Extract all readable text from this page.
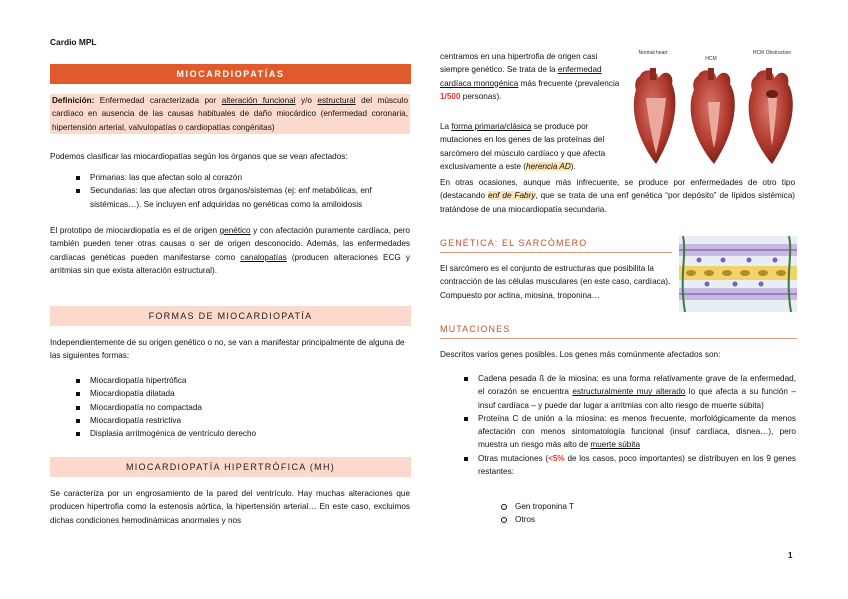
Cardio MPL
MIOCARDIOPATÍAS
Definición: Enfermedad caracterizada por alteración funcional y/o estructural del músculo cardíaco en ausencia de las causas habituales de daño miocárdico (enfermedad coronaria, hipertensión arterial, valvulopatías o cardiopatías congénitas)
Podemos clasificar las miocardiopatías según los órganos que se vean afectados:
Primarias: las que afectan solo al corazón
Secundarias: las que afectan otros órganos/sistemas (ej: enf metabólicas, enf sistémicas…). Se incluyen enf adquiridas no genéticas como la amiloidosis
El prototipo de miocardiopatía es el de origen genético y con afectación puramente cardíaca, pero también pueden tener otras causas o ser de origen desconocido. Además, las enfermedades cardíacas genéticas pueden manifestarse como canalopatías (producen alteraciones ECG y arritmias sin que exista alteración estructural).
FORMAS DE MIOCARDIOPATÍA
Independientemente de su origen genético o no, se van a manifestar principalmente de alguna de las siguientes formas:
Miocardiopatía hipertrófica
Miocardiopatía dilatada
Miocardiopatía no compactada
Miocardiopatía restrictiva
Displasia arritmogénica de ventrículo derecho
MIOCARDIOPATÍA HIPERTRÓFICA (MH)
Se caracteriza por un engrosamiento de la pared del ventrículo. Hay muchas alteraciones que producen hipertrofia como la estenosis aórtica, la hipertensión arterial… En este caso, excluimos dichas condiciones hemodinámicas anormales y nos
centramos en una hipertrofia de origen casi siempre genético. Se trata de la enfermedad cardíaca monogénica más frecuente (prevalencia 1/500 personas).
La forma primaria/clásica se produce por mutaciones en los genes de las proteínas del sarcómero del músculo cardíaco y que afecta exclusivamente a este (herencia AD).
Normal heart
HCM
HCM Obstruction
En otras ocasiones, aunque más infrecuente, se produce por enfermedades de otro tipo (destacando enf de Fabry, que se trata de una enf genética “por depósito” de lípidos sistémica) tratándose de una miocardiopatía secundaria.
GENÉTICA: EL SARCÓMERO
El sarcómero es el conjunto de estructuras que posibilita la contracción de las células musculares (en este caso, cardíaca). Compuesto por actina, miosina, troponina…
MUTACIONES
Descritos varios genes posibles. Los genes más comúnmente afectados son:
Cadena pesada ß de la miosina: es una forma relativamente grave de la enfermedad, el corazón se encuentra estructuralmente muy alterado lo que afecta a su función – insuf cardíaca – y puede dar lugar a arritmias con alto riesgo de muerte súbita)
Proteína C de unión a la miosina: es menos frecuente, morfológicamente da menos afectación con menos sintomatología funcional (insuf cardíaca, disnea…), pero muestra un riesgo más alto de muerte súbita
Otras mutaciones (<5% de los casos, poco importantes) se distribuyen en los 9 genes restantes:
Gen troponina T
Otros
1
